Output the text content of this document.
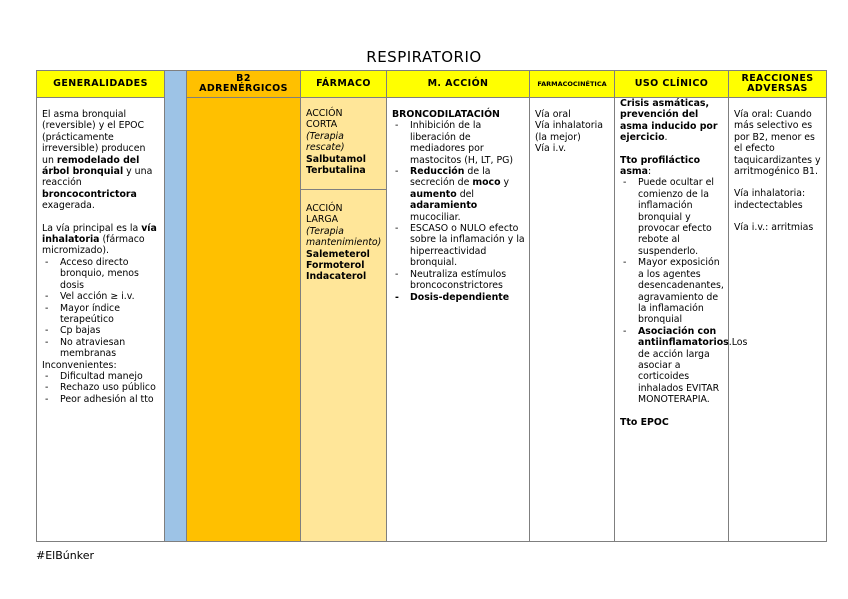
RESPIRATORIO
GENERALIDADES
El asma bronquial (reversible) y el EPOC (prácticamente irreversible) producen un remodelado del árbol bronquial y una reacción broncocontrictora exagerada.
La vía principal es la vía inhalatoria (fármaco micromizado).
- Acceso directo bronquio, menos dosis
- Vel acción ≥ i.v.
- Mayor índice terapeútico
- Cp bajas
- No atraviesan membranas
Inconvenientes:
- Dificultad manejo
- Rechazo uso público
- Peor adhesión al tto
B2 ADRENÉRGICOS	FÁRMACO
ACCIÓN CORTA
(Terapia rescate)
Salbutamol
Terbutalina
ACCIÓN LARGA
(Terapia mantenimiento)
Salemeterol
Formoterol
Indacaterol
M. ACCIÓN
BRONCODILATACIÓN
- Inhibición de la liberación de mediadores por mastocitos (H, LT, PG)
- Reducción de la secreción de moco y aumento del adaramiento mucociliar.
- ESCASO o NULO efecto sobre la inflamación y la hiperreactividad bronquial.
- Neutraliza estímulos broncoconstrictores
- Dosis-dependiente
FARMACOCINÉTICA
Vía oral
Vía inhalatoria (la mejor)
Vía i.v.
USO CLÍNICO
Crisis asmáticas, prevención del asma inducido por ejercicio.
Tto profiláctico asma:
- Puede ocultar el comienzo de la inflamación bronquial y provocar efecto rebote al suspenderlo.
- Mayor exposición a los agentes desencadenantes, agravamiento de la inflamación bronquial
- Asociación con antiinflamatorios.Los de acción larga asociar a corticoides inhalados EVITAR MONOTERAPIA.
Tto EPOC
REACCIONES ADVERSAS
Vía oral: Cuando más selectivo es por B2, menor es el efecto taquicardizantes y arritmogénico B1.
Vía inhalatoria: indectectables
Vía i.v.: arritmias
#ElBúnker
